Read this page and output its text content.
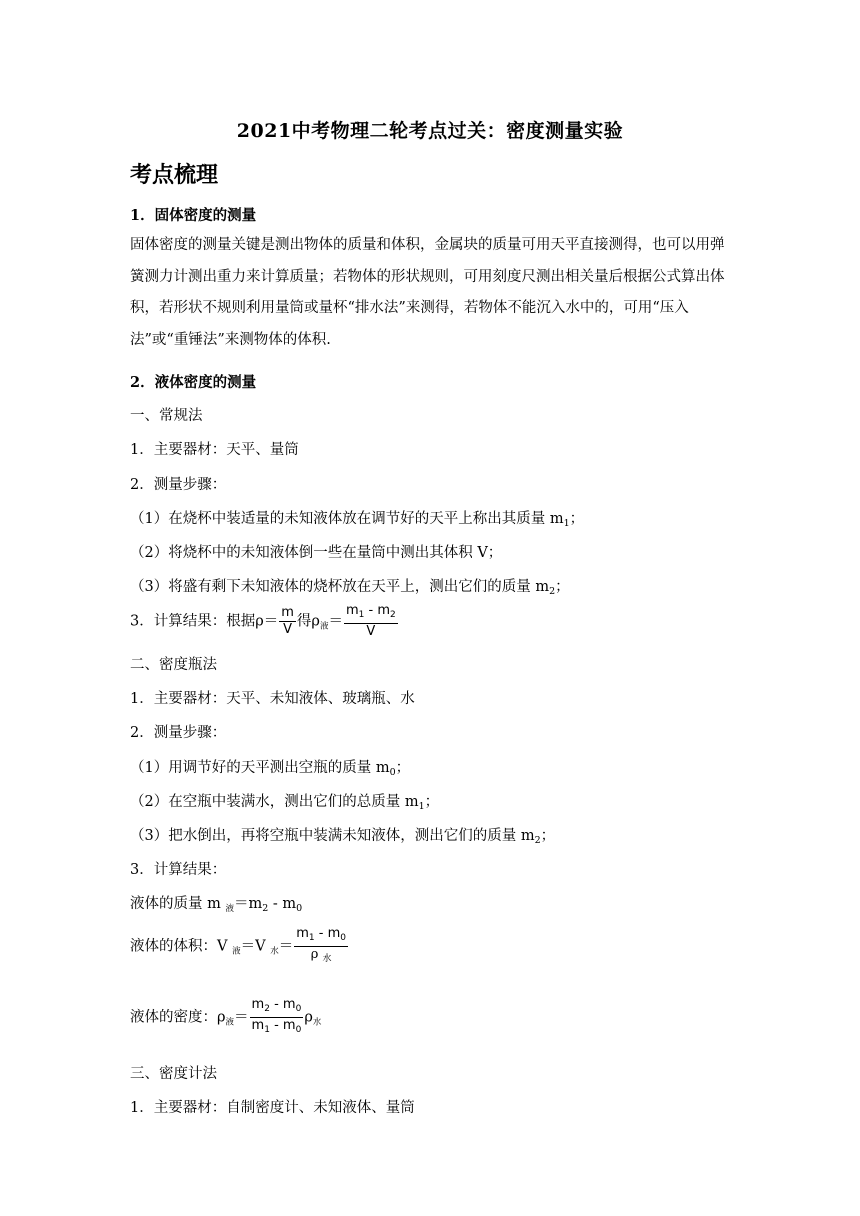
2021中考物理二轮考点过关：密度测量实验
考点梳理
1．固体密度的测量
固体密度的测量关键是测出物体的质量和体积，金属块的质量可用天平直接测得，也可以用弹簧测力计测出重力来计算质量；若物体的形状规则，可用刻度尺测出相关量后根据公式算出体积，若形状不规则利用量筒或量杯“排水法”来测得，若物体不能沉入水中的，可用“压入法”或“重锤法”来测物体的体积.
2．液体密度的测量
一、常规法
1．主要器材：天平、量筒
2．测量步骤：
（1）在烧杯中装适量的未知液体放在调节好的天平上称出其质量 $m_1$；
（2）将烧杯中的未知液体倒一些在量筒中测出其体积 V；
（3）将盛有剩下未知液体的烧杯放在天平上，测出它们的质量 $m_2$；
3．计算结果：根据$\rho= \frac{m}{V}$ 得$\rho_液= \frac{m_1 - m_2}{V}$
二、密度瓶法
1．主要器材：天平、未知液体、玻璃瓶、水
2．测量步骤：
（1）用调节好的天平测出空瓶的质量 $m_0$；
（2）在空瓶中装满水，测出它们的总质量 $m_1$；
（3）把水倒出，再将空瓶中装满未知液体，测出它们的质量 $m_2$；
3．计算结果：
液体的质量 m $_液=m_2 - m_0$
液体的体积：V $_液$＝V $_水= \frac{m_1 - m_0}{\rho _水}$
液体的密度：$\rho_液= \frac{m_2 - m_0}{m_1 - m_0} \rho_水$
三、密度计法
1．主要器材：自制密度计、未知液体、量筒
